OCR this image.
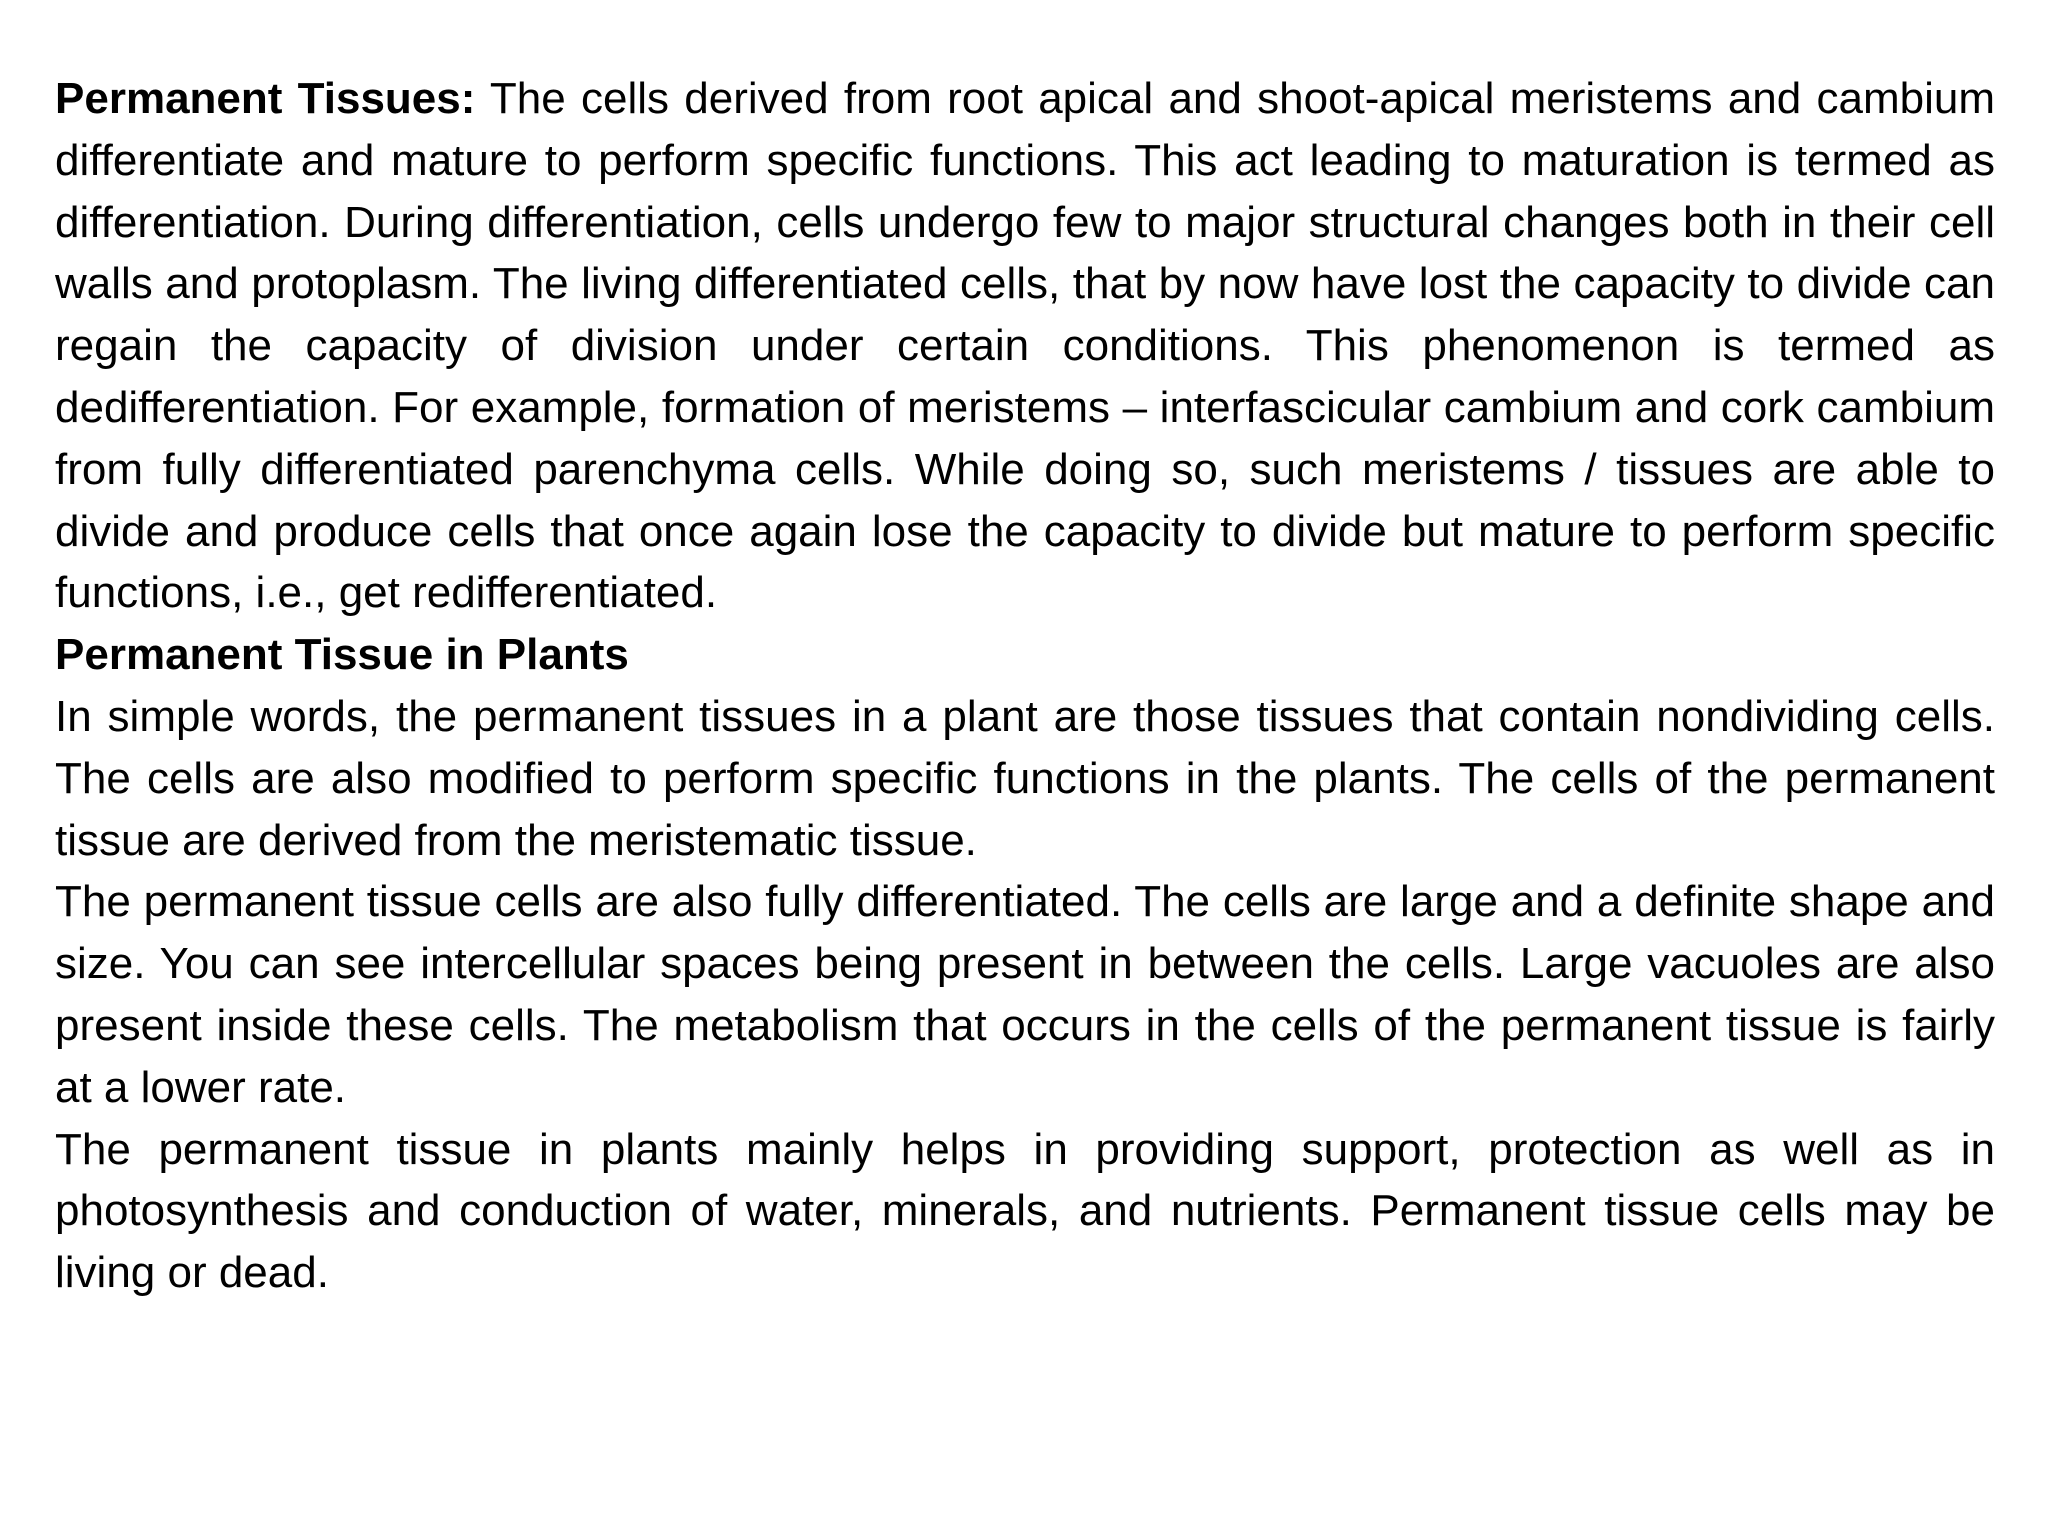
Permanent Tissues: The cells derived from root apical and shoot-apical meristems and cambium differentiate and mature to perform specific functions. This act leading to maturation is termed as differentiation. During differentiation, cells undergo few to major structural changes both in their cell walls and protoplasm. The living differentiated cells, that by now have lost the capacity to divide can regain the capacity of division under certain conditions. This phenomenon is termed as dedifferentiation. For example, formation of meristems – interfascicular cambium and cork cambium from fully differentiated parenchyma cells. While doing so, such meristems / tissues are able to divide and produce cells that once again lose the capacity to divide but mature to perform specific functions, i.e., get redifferentiated.

Permanent Tissue in Plants

In simple words, the permanent tissues in a plant are those tissues that contain nondividing cells. The cells are also modified to perform specific functions in the plants. The cells of the permanent tissue are derived from the meristematic tissue.

The permanent tissue cells are also fully differentiated. The cells are large and a definite shape and size. You can see intercellular spaces being present in between the cells. Large vacuoles are also present inside these cells. The metabolism that occurs in the cells of the permanent tissue is fairly at a lower rate.

The permanent tissue in plants mainly helps in providing support, protection as well as in photosynthesis and conduction of water, minerals, and nutrients. Permanent tissue cells may be living or dead.
